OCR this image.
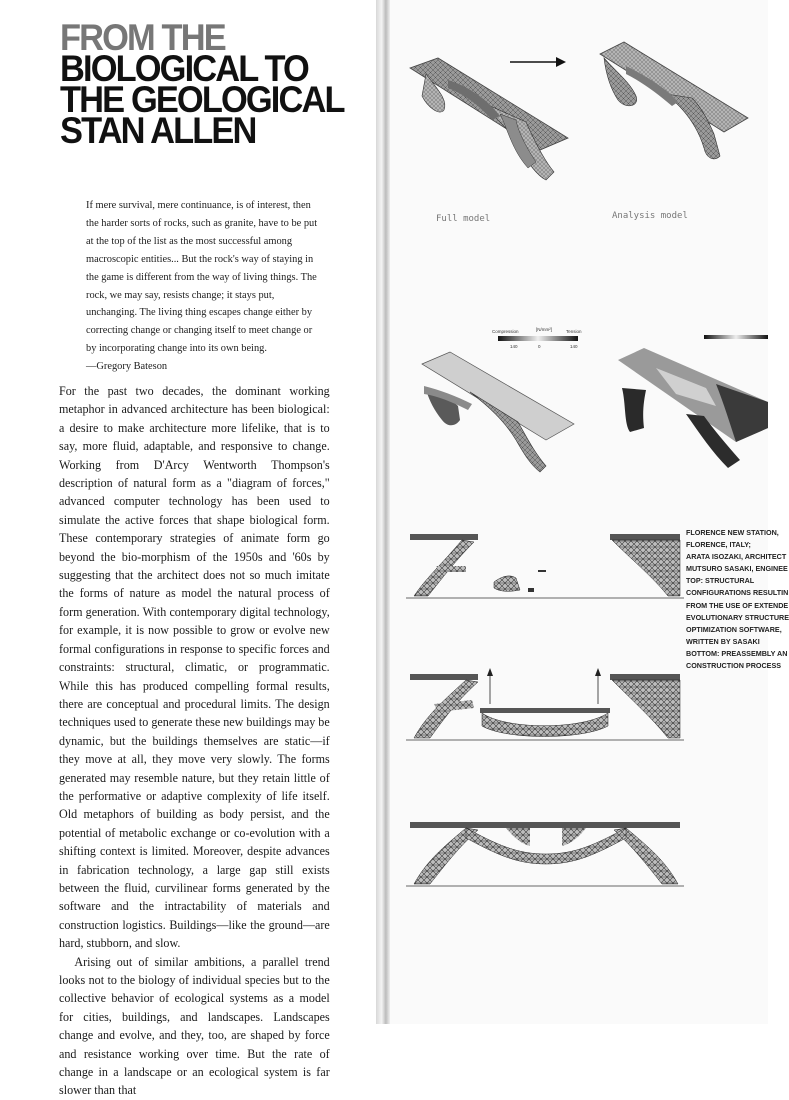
FROM THE
BIOLOGICAL TO
THE GEOLOGICAL
STAN ALLEN

If mere survival, mere continuance, is of interest, then the harder sorts of rocks, such as granite, have to be put at the top of the list as the most successful among macroscopic entities... But the rock's way of staying in the game is different from the way of living things. The rock, we may say, resists change; it stays put, unchanging. The living thing escapes change either by correcting change or changing itself to meet change or by incorporating change into its own being.

—Gregory Bateson

For the past two decades, the dominant working metaphor in advanced architecture has been biological: a desire to make architecture more lifelike, that is to say, more fluid, adaptable, and responsive to change. Working from D'Arcy Wentworth Thompson's description of natural form as a "diagram of forces," advanced computer technology has been used to simulate the active forces that shape biological form. These contemporary strategies of animate form go beyond the bio-morphism of the 1950s and '60s by suggesting that the architect does not so much imitate the forms of nature as model the natural process of form generation. With contemporary digital technology, for example, it is now possible to grow or evolve new formal configurations in response to specific forces and constraints: structural, climatic, or programmatic. While this has produced compelling formal results, there are conceptual and procedural limits. The design techniques used to generate these new buildings may be dynamic, but the buildings themselves are static—if they move at all, they move very slowly. The forms generated may resemble nature, but they retain little of the performative or adaptive complexity of life itself. Old metaphors of building as body persist, and the potential of metabolic exchange or co-evolution with a shifting context is limited. Moreover, despite advances in fabrication technology, a large gap still exists between the fluid, curvilinear forms generated by the software and the intractability of materials and construction logistics. Buildings—like the ground—are hard, stubborn, and slow.

Arising out of similar ambitions, a parallel trend looks not to the biology of individual species but to the collective behavior of ecological systems as a model for cities, buildings, and landscapes. Landscapes change and evolve, and they, too, are shaped by force and resistance working over time. But the rate of change in a landscape or an ecological system is far slower than that

Full model	Analysis model
Compression	[N/mm²]	Tension
140	0	140
FLORENCE NEW STATION,
FLORENCE, ITALY;
ARATA ISOZAKI, ARCHITECT
MUTSURO SASAKI, ENGINEE
TOP: STRUCTURAL
CONFIGURATIONS RESULTIN
FROM THE USE OF EXTENDE
EVOLUTIONARY STRUCTURE
OPTIMIZATION SOFTWARE,
WRITTEN BY SASAKI
BOTTOM: PREASSEMBLY AN
CONSTRUCTION PROCESS
